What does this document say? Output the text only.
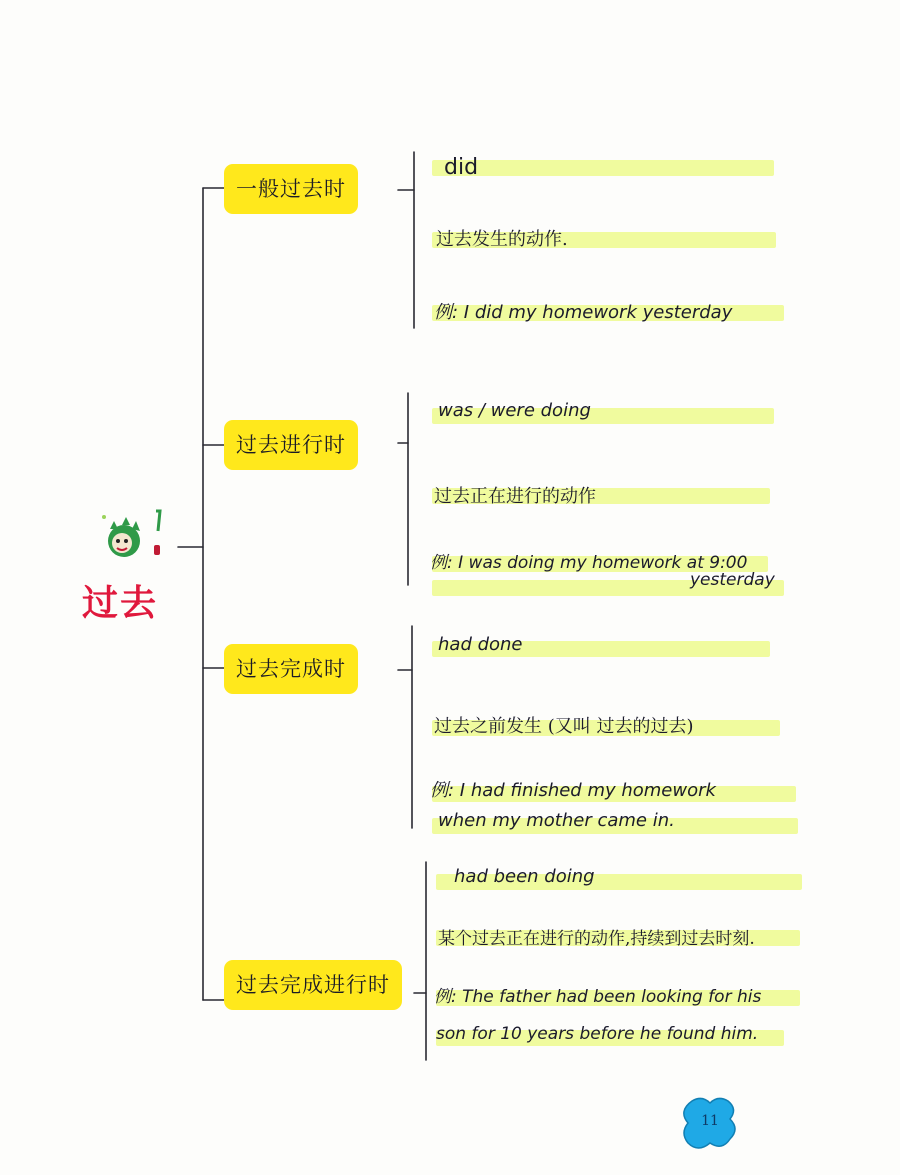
过去
一般过去时
过去进行时
过去完成时
过去完成进行时
did
过去发生的动作.
例: I did my homework yesterday
was / were doing
过去正在进行的动作
例: I was doing my homework at 9:00
yesterday
had done
过去之前发生 (又叫 过去的过去)
例: I had finished my homework
when my mother came in.
had been doing
某个过去正在进行的动作,持续到过去时刻.
例: The father had been looking for his
son for 10 years before he found him.
11
